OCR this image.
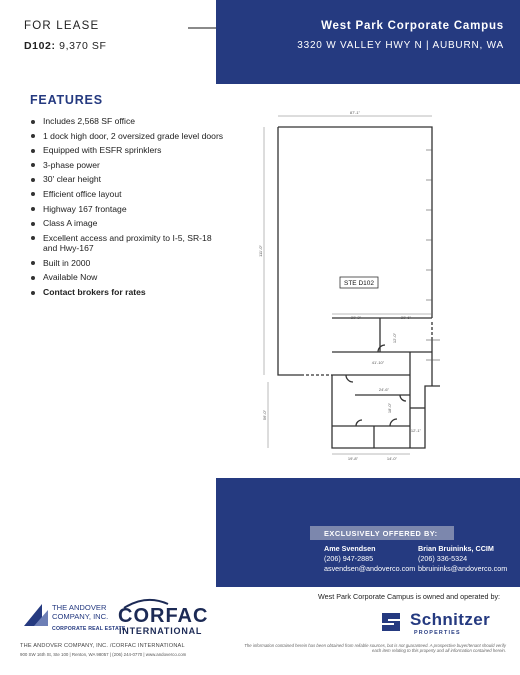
FOR LEASE
D102: 9,370 SF
West Park Corporate Campus
3320 W VALLEY HWY N | AUBURN, WA
FEATURES
Includes 2,568 SF office
1 dock high door, 2 oversized grade level doors
Equipped with ESFR sprinklers
3-phase power
30' clear height
Efficient office layout
Highway 167 frontage
Class A image
Excellent access and proximity to I-5, SR-18 and Hwy-167
Built in 2000
Available Now
Contact brokers for rates
STE D102
87'-1"
111'-0"
20'-3"	20'-6"
12'-0"
41'-10"
24'-6"
18'-0"
56'-0"
12'-1"
19'-8"	14'-0"
EXCLUSIVELY OFFERED BY:
Ame Svendsen
(206) 947-2885
asvendsen@andoverco.com
Brian Bruininks, CCIM
(206) 336-5324
bbruininks@andoverco.com
West Park Corporate Campus is owned and operated by:
THE ANDOVER
COMPANY, INC.
CORPORATE REAL ESTATE
CORFAC
INTERNATIONAL
THE ANDOVER COMPANY, INC. /CORFAC INTERNATIONAL
900 SW 16th St, Ste 100 | Renton, WA 98057 | (206) 244-0770 | www.andoverco.com
Schnitzer
PROPERTIES
The information contained herein has been obtained from reliable sources, but is not guaranteed. A prospective buyer/tenant should verify each item relating to this property and all information contained herein.
